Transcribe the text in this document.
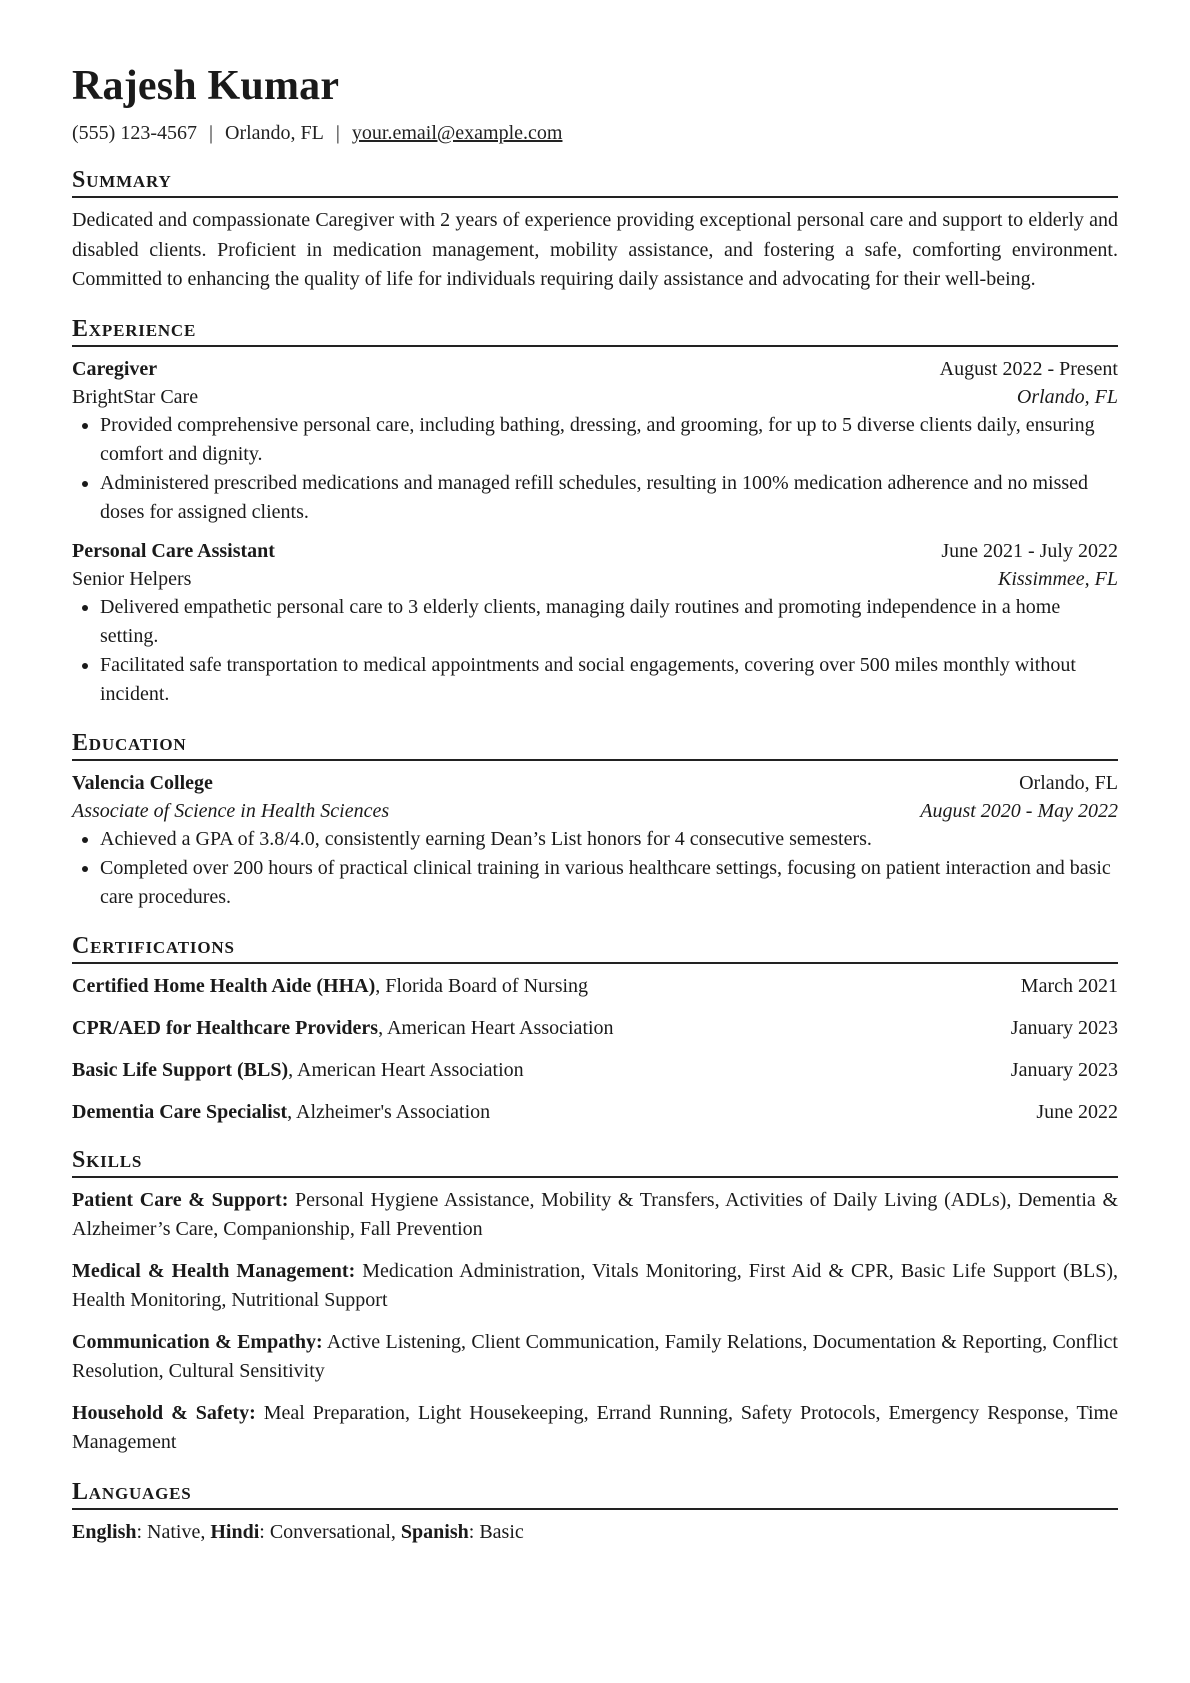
Rajesh Kumar
(555) 123-4567 | Orlando, FL | your.email@example.com
Summary

Dedicated and compassionate Caregiver with 2 years of experience providing exceptional personal care and support to elderly and disabled clients. Proficient in medication management, mobility assistance, and fostering a safe, comforting environment. Committed to enhancing the quality of life for individuals requiring daily assistance and advocating for their well-being.

Experience
Caregiver	August 2022 - Present
BrightStar Care	Orlando, FL
• Provided comprehensive personal care, including bathing, dressing, and grooming, for up to 5 diverse clients daily, ensuring comfort and dignity.
• Administered prescribed medications and managed refill schedules, resulting in 100% medication adherence and no missed doses for assigned clients.
Personal Care Assistant	June 2021 - July 2022
Senior Helpers	Kissimmee, FL
• Delivered empathetic personal care to 3 elderly clients, managing daily routines and promoting independence in a home setting.
• Facilitated safe transportation to medical appointments and social engagements, covering over 500 miles monthly without incident.
Education
Valencia College	Orlando, FL
Associate of Science in Health Sciences	August 2020 - May 2022
• Achieved a GPA of 3.8/4.0, consistently earning Dean’s List honors for 4 consecutive semesters.
• Completed over 200 hours of practical clinical training in various healthcare settings, focusing on patient interaction and basic care procedures.
Certifications
Certified Home Health Aide (HHA), Florida Board of Nursing	March 2021
CPR/AED for Healthcare Providers, American Heart Association	January 2023
Basic Life Support (BLS), American Heart Association	January 2023
Dementia Care Specialist, Alzheimer's Association	June 2022
Skills

Patient Care & Support: Personal Hygiene Assistance, Mobility & Transfers, Activities of Daily Living (ADLs), Dementia & Alzheimer’s Care, Companionship, Fall Prevention

Medical & Health Management: Medication Administration, Vitals Monitoring, First Aid & CPR, Basic Life Support (BLS), Health Monitoring, Nutritional Support

Communication & Empathy: Active Listening, Client Communication, Family Relations, Documentation & Reporting, Conflict Resolution, Cultural Sensitivity

Household & Safety: Meal Preparation, Light Housekeeping, Errand Running, Safety Protocols, Emergency Response, Time Management

Languages
English: Native, Hindi: Conversational, Spanish: Basic
